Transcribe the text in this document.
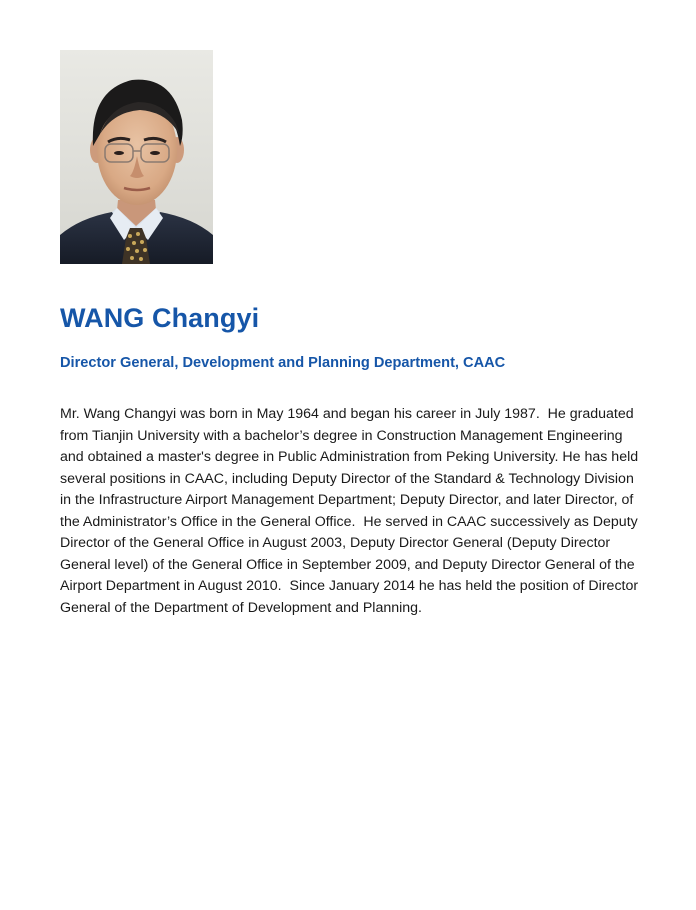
WANG Changyi
Director General, Development and Planning Department, CAAC

Mr. Wang Changyi was born in May 1964 and began his career in July 1987.  He graduated
from Tianjin University with a bachelor’s degree in Construction Management Engineering
and obtained a master's degree in Public Administration from Peking University. He has held
several positions in CAAC, including Deputy Director of the Standard & Technology Division
in the Infrastructure Airport Management Department; Deputy Director, and later Director, of
the Administrator’s Office in the General Office.  He served in CAAC successively as Deputy
Director of the General Office in August 2003, Deputy Director General (Deputy Director
General level) of the General Office in September 2009, and Deputy Director General of the
Airport Department in August 2010.  Since January 2014 he has held the position of Director
General of the Department of Development and Planning.
